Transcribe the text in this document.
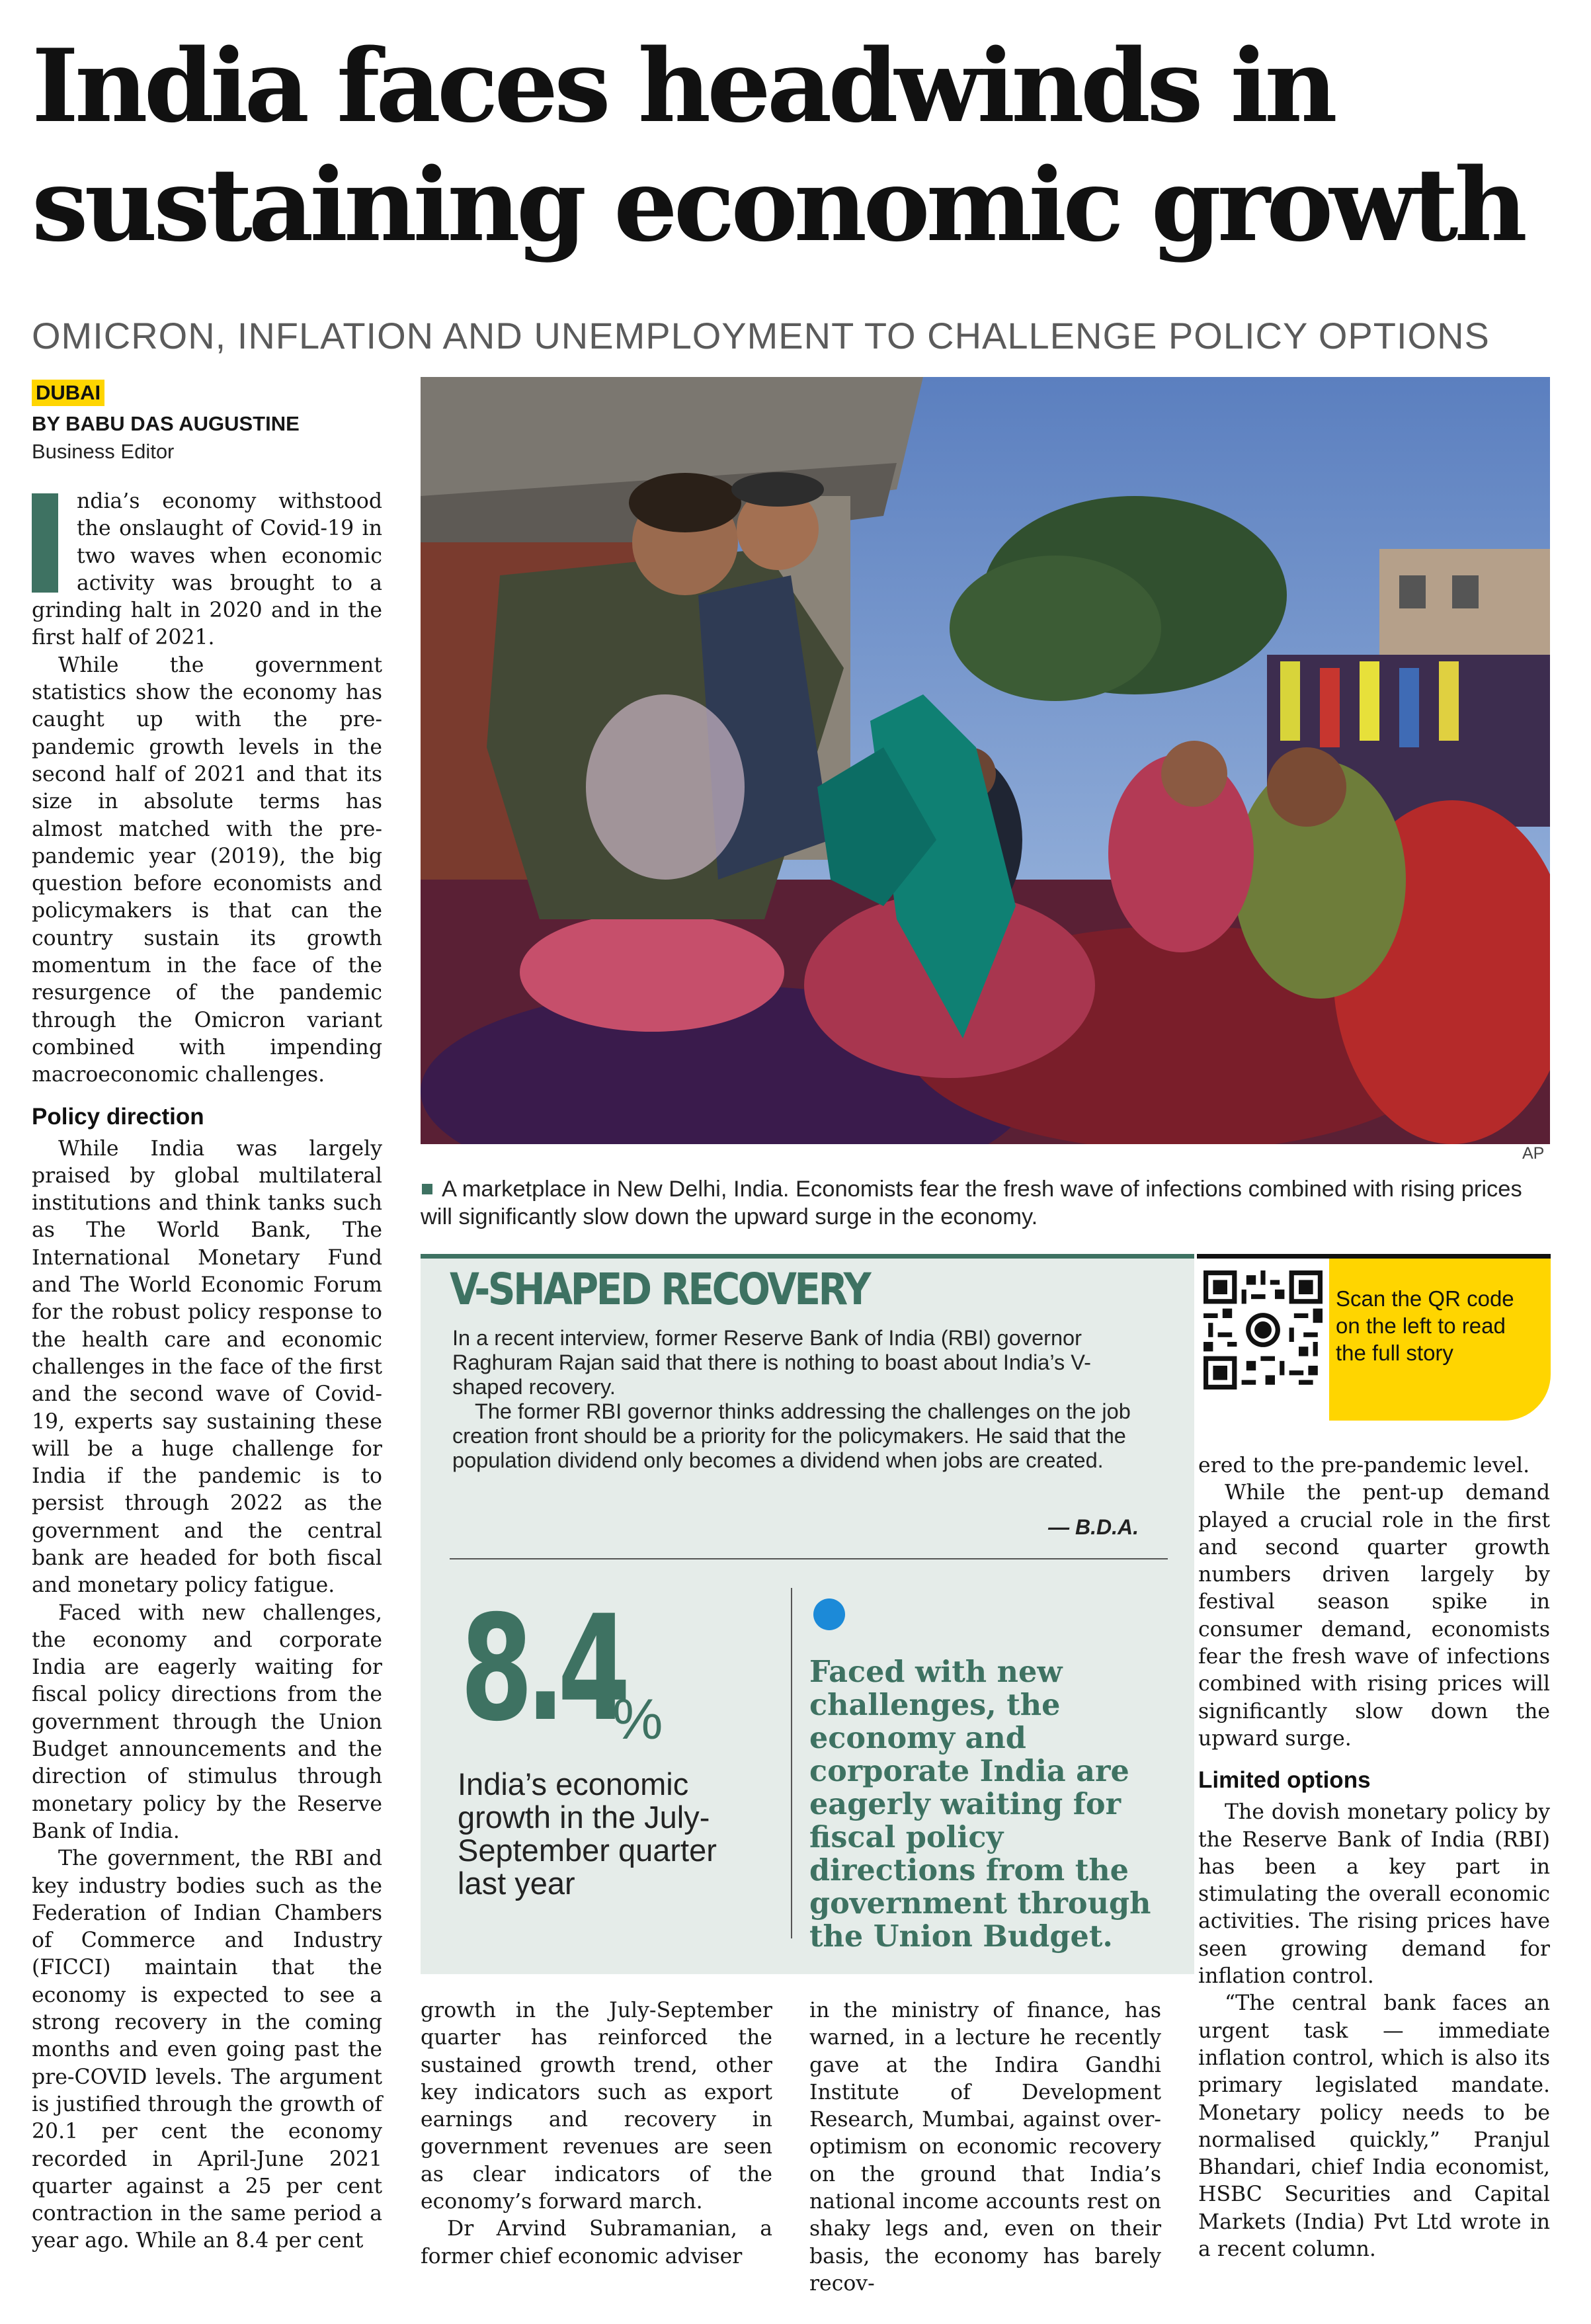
India faces headwinds in sustaining economic growth
OMICRON, INFLATION AND UNEMPLOYMENT TO CHALLENGE POLICY OPTIONS
DUBAI
BY BABU DAS AUGUSTINE
Business Editor

I	ndia’s economy withstood the onslaught of Covid-19 in two waves when economic activity was brought to a grinding halt in 2020 and in the first half of 2021.

While the government statistics show the economy has caught up with the pre-pandemic growth levels in the second half of 2021 and that its size in absolute terms has almost matched with the pre-pandemic year (2019), the big question before economists and policymakers is that can the country sustain its growth momentum in the face of the resurgence of the pandemic through the Omicron variant combined with impending macroeconomic challenges.

Policy direction

While India was largely praised by global multilateral institutions and think tanks such as The World Bank, The International Monetary Fund and The World Economic Forum for the robust policy response to the health care and economic challenges in the face of the first and the second wave of Covid-19, experts say sustaining these will be a huge challenge for India if the pandemic is to persist through 2022 as the government and the central bank are headed for both fiscal and monetary policy fatigue.

Faced with new challenges, the economy and corporate India are eagerly waiting for fiscal policy directions from the government through the Union Budget announcements and the direction of stimulus through monetary policy by the Reserve Bank of India.

The government, the RBI and key industry bodies such as the Federation of Indian Chambers of Commerce and Industry (FICCI) maintain that the economy is expected to see a strong recovery in the coming months and even going past the pre-COVID levels. The argument is justified through the growth of 20.1 per cent the economy recorded in April-June 2021 quarter against a 25 per cent contraction in the same period a year ago. While an 8.4 per cent

AP
A marketplace in New Delhi, India. Economists fear the fresh wave of infections combined with rising prices will significantly slow down the upward surge in the economy.
V-SHAPED RECOVERY

In a recent interview, former Reserve Bank of India (RBI) governor Raghuram Rajan said that there is nothing to boast about India’s V-shaped recovery.

The former RBI governor thinks addressing the challenges on the job creation front should be a priority for the policymakers. He said that the population dividend only becomes a dividend when jobs are created.

— B.D.A.
8.4
%
India’s economic growth in the July-September quarter last year
Faced with new challenges, the economy and corporate India are eagerly waiting for fiscal policy directions from the government through the Union Budget.
Scan the QR code on the left to read the full story

growth in the July-September quarter has reinforced the sustained growth trend, other key indicators such as export earnings and recovery in government revenues are seen as clear indicators of the economy’s forward march.

Dr Arvind Subramanian, a former chief economic adviser

in the ministry of finance, has warned, in a lecture he recently gave at the Indira Gandhi Institute of Development Research, Mumbai, against over-optimism on economic recovery on the ground that India’s national income accounts rest on shaky legs and, even on their basis, the economy has barely recov-

ered to the pre-pandemic level.

While the pent-up demand played a crucial role in the first and second quarter growth numbers driven largely by festival season spike in consumer demand, economists fear the fresh wave of infections combined with rising prices will significantly slow down the upward surge.

Limited options

The dovish monetary policy by the Reserve Bank of India (RBI) has been a key part in stimulating the overall economic activities. The rising prices have seen growing demand for inflation control.

“The central bank faces an urgent task — immediate inflation control, which is also its primary legislated mandate. Monetary policy needs to be normalised quickly,” Pranjul Bhandari, chief India economist, HSBC Securities and Capital Markets (India) Pvt Ltd wrote in a recent column.
